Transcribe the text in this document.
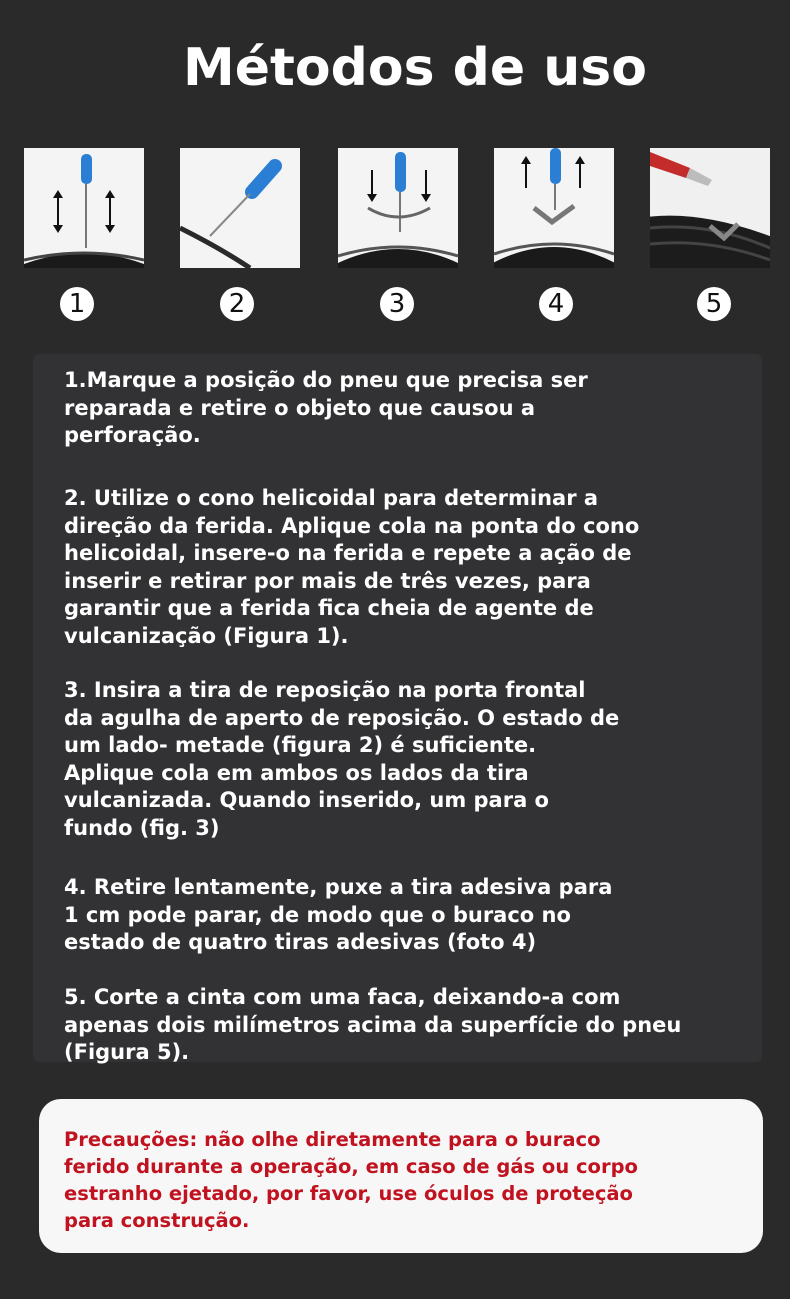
Métodos de uso
1	2	3	4	5
1.Marque a posição do pneu que precisa ser
reparada e retire o objeto que causou a
perforação.
2. Utilize o cono helicoidal para determinar a
direção da ferida. Aplique cola na ponta do cono
helicoidal, insere-o na ferida e repete a ação de
inserir e retirar por mais de três vezes, para
garantir que a ferida fica cheia de agente de
vulcanização (Figura 1).
3. Insira a tira de reposição na porta frontal
da agulha de aperto de reposição. O estado de
um lado- metade (figura 2) é suficiente.
Aplique cola em ambos os lados da tira
vulcanizada. Quando inserido, um para o
fundo (fig. 3)
4. Retire lentamente, puxe a tira adesiva para
1 cm pode parar, de modo que o buraco no
estado de quatro tiras adesivas (foto 4)
5. Corte a cinta com uma faca, deixando-a com
apenas dois milímetros acima da superfície do pneu
(Figura 5).
Precauções: não olhe diretamente para o buraco
ferido durante a operação, em caso de gás ou corpo
estranho ejetado, por favor, use óculos de proteção
para construção.
